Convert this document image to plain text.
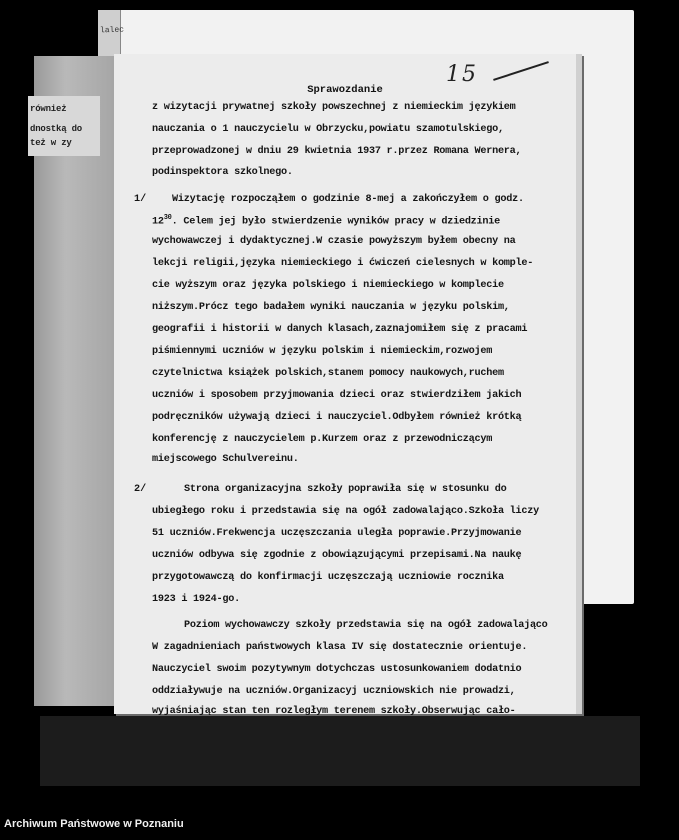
lalec
również
dnostką do
też w zy
Sprawozdanie
z wizytacji prywatnej szkoły powszechnej z niemieckim językiem
nauczania o 1 nauczycielu w Obrzycku,powiatu szamotulskiego,
przeprowadzonej w dniu 29 kwietnia 1937 r.przez Romana Wernera,
podinspektora szkolnego.
1/	Wizytację rozpocząłem o godzinie 8-mej a zakończyłem o godz.
$12^{30}$. Celem jej było stwierdzenie wyników pracy w dziedzinie
wychowawczej i dydaktycznej.W czasie powyższym byłem obecny na
lekcji religii,języka niemieckiego i ćwiczeń cielesnych w komple-
cie wyższym oraz języka polskiego i niemieckiego w komplecie
niższym.Prócz tego badałem wyniki nauczania w języku polskim,
geografii i historii w danych klasach,zaznajomiłem się z pracami
piśmiennymi uczniów w języku polskim i niemieckim,rozwojem
czytelnictwa książek polskich,stanem pomocy naukowych,ruchem
uczniów i sposobem przyjmowania dzieci oraz stwierdziłem jakich
podręczników używają dzieci i nauczyciel.Odbyłem również krótką
konferencję z nauczycielem p.Kurzem oraz z przewodniczącym
miejscowego Schulvereinu.
2/	Strona organizacyjna szkoły poprawiła się w stosunku do
ubiegłego roku i przedstawia się na ogół zadowalająco.Szkoła liczy
51 uczniów.Frekwencja uczęszczania uległa poprawie.Przyjmowanie
uczniów odbywa się zgodnie z obowiązującymi przepisami.Na naukę
przygotowawczą do konfirmacji uczęszczają uczniowie rocznika
1923 i 1924-go.
Poziom wychowawczy szkoły przedstawia się na ogół zadowalająco
W zagadnieniach państwowych klasa IV się dostatecznie orientuje.
Nauczyciel swoim pozytywnym dotychczas ustosunkowaniem dodatnio
oddziaływuje na uczniów.Organizacyj uczniowskich nie prowadzi,
wyjaśniając stan ten rozległym terenem szkoły.Obserwując cało-
15
Archiwum Państwowe w Poznaniu
